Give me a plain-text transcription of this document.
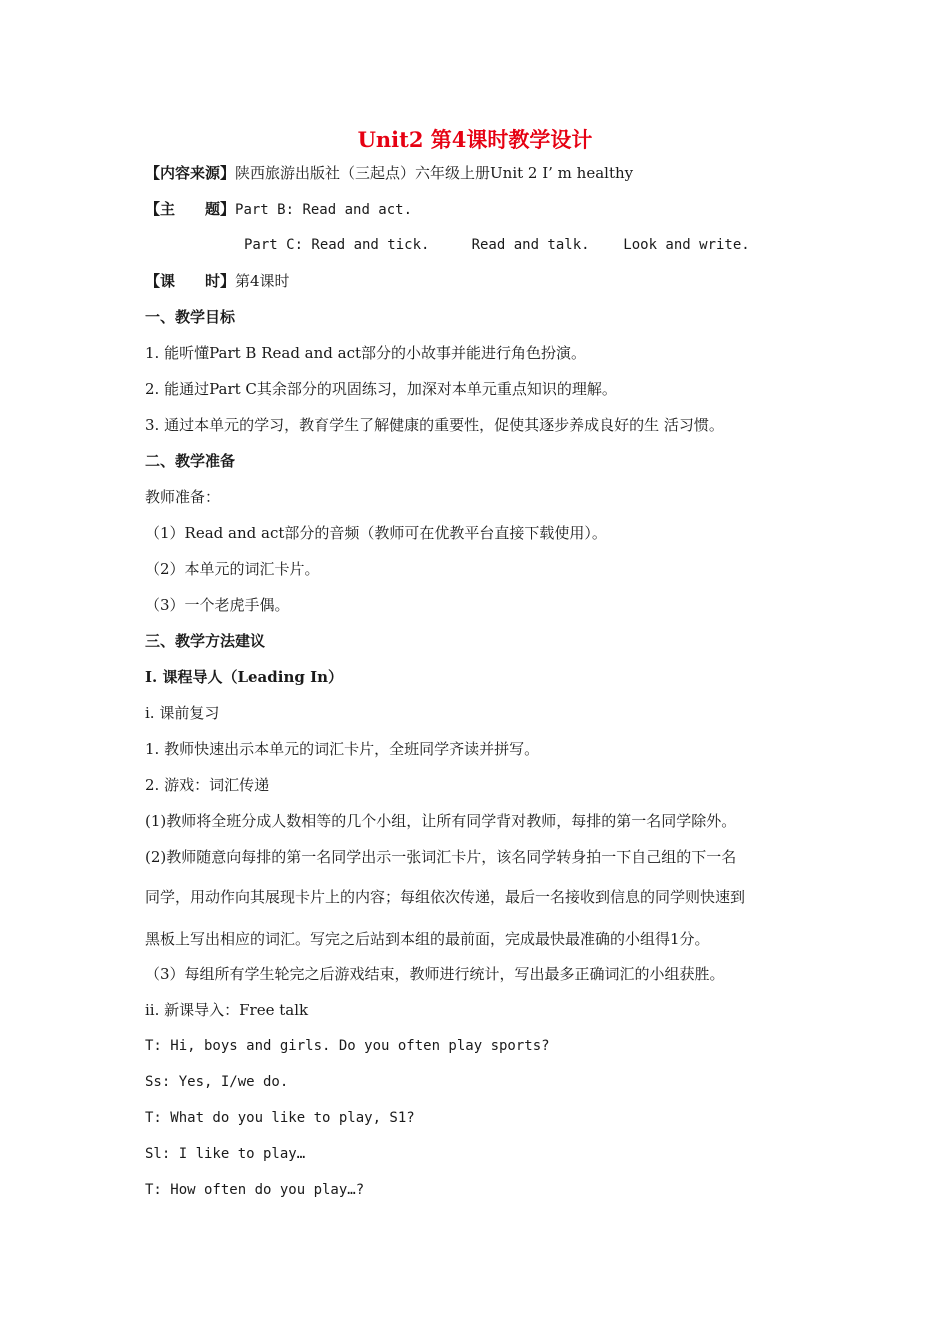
Unit2 第4课时教学设计
【内容来源】陕西旅游出版社（三起点）六年级上册Unit 2 I’ m healthy
【主　　题】Part B: Read and act.
Part C: Read and tick.     Read and talk.    Look and write.
【课　　时】第4课时
一、教学目标
1. 能听懂Part B Read and act部分的小故事并能进行角色扮演。
2. 能通过Part C其余部分的巩固练习，加深对本单元重点知识的理解。
3. 通过本单元的学习，教育学生了解健康的重要性，促使其逐步养成良好的生 活习惯。
二、教学准备
教师准备：
（1）Read and act部分的音频（教师可在优教平台直接下载使用）。
（2）本单元的词汇卡片。
（3）一个老虎手偶。
三、教学方法建议
I. 课程导人（Leading In）
i. 课前复习
1. 教师快速出示本单元的词汇卡片，全班同学齐读并拼写。
2. 游戏：词汇传递
(1)教师将全班分成人数相等的几个小组，让所有同学背对教师，每排的第一名同学除外。
(2)教师随意向每排的第一名同学出示一张词汇卡片，该名同学转身拍一下自己组的下一名
同学，用动作向其展现卡片上的内容；每组依次传递，最后一名接收到信息的同学则快速到
黑板上写出相应的词汇。写完之后站到本组的最前面，完成最快最准确的小组得1分。
（3）每组所有学生轮完之后游戏结束，教师进行统计，写出最多正确词汇的小组获胜。
ii. 新课导入：Free talk
T: Hi, boys and girls. Do you often play sports?
Ss: Yes, I/we do.
T: What do you like to play, S1?
Sl: I like to play…
T: How often do you play…?
